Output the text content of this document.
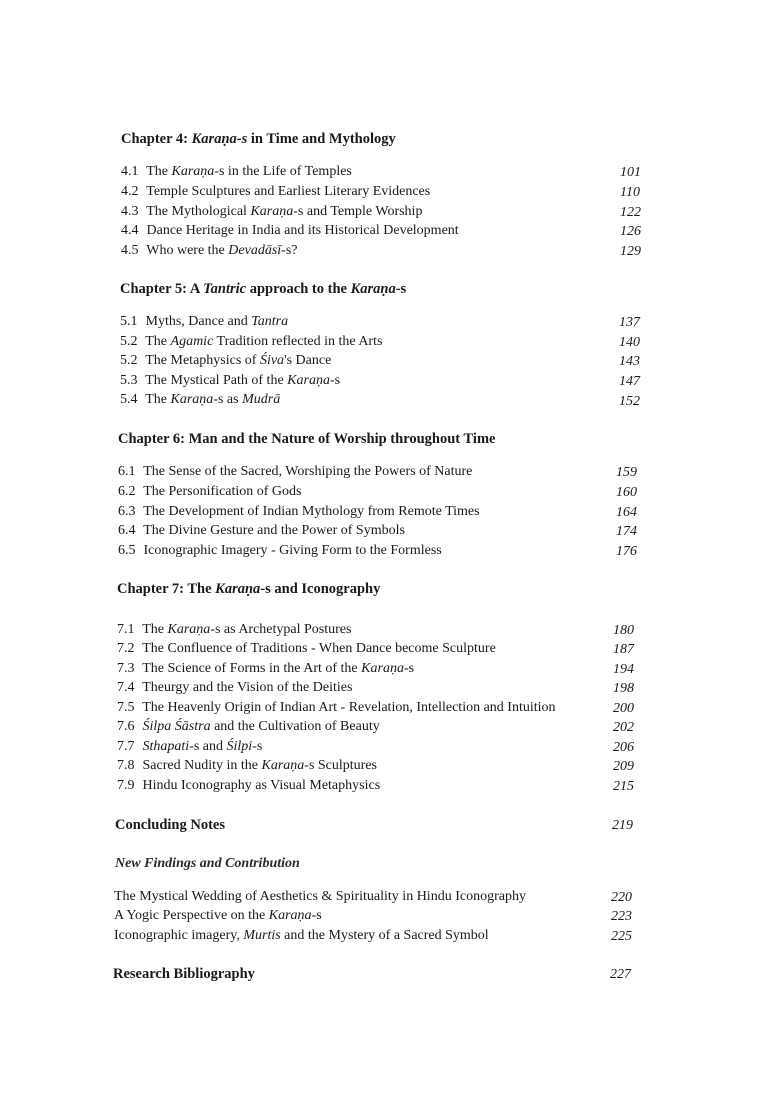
Chapter 4: Karaṇa-s in Time and Mythology
4.1 The Karaṇa-s in the Life of Temples	101
4.2 Temple Sculptures and Earliest Literary Evidences	110
4.3 The Mythological Karaṇa-s and Temple Worship	122
4.4 Dance Heritage in India and its Historical Development	126
4.5 Who were the Devadāsī-s?	129
Chapter 5: A Tantric approach to the Karaṇa-s
5.1 Myths, Dance and Tantra	137
5.2 The Agamic Tradition reflected in the Arts	140
5.2 The Metaphysics of Śiva's Dance	143
5.3 The Mystical Path of the Karaṇa-s	147
5.4 The Karaṇa-s as Mudrā	152
Chapter 6: Man and the Nature of Worship throughout Time
6.1 The Sense of the Sacred, Worshiping the Powers of Nature	159
6.2 The Personification of Gods	160
6.3 The Development of Indian Mythology from Remote Times	164
6.4 The Divine Gesture and the Power of Symbols	174
6.5 Iconographic Imagery - Giving Form to the Formless	176
Chapter 7: The Karaṇa-s and Iconography
7.1 The Karaṇa-s as Archetypal Postures	180
7.2 The Confluence of Traditions - When Dance become Sculpture	187
7.3 The Science of Forms in the Art of the Karaṇa-s	194
7.4 Theurgy and the Vision of the Deities	198
7.5 The Heavenly Origin of Indian Art - Revelation, Intellection and Intuition	200
7.6 Śilpa Śāstra and the Cultivation of Beauty	202
7.7 Sthapati-s and Śilpi-s	206
7.8 Sacred Nudity in the Karaṇa-s Sculptures	209
7.9 Hindu Iconography as Visual Metaphysics	215
Concluding Notes	219
New Findings and Contribution
The Mystical Wedding of Aesthetics & Spirituality in Hindu Iconography	220
A Yogic Perspective on the Karaṇa-s	223
Iconographic imagery, Murtis and the Mystery of a Sacred Symbol	225
Research Bibliography	227
